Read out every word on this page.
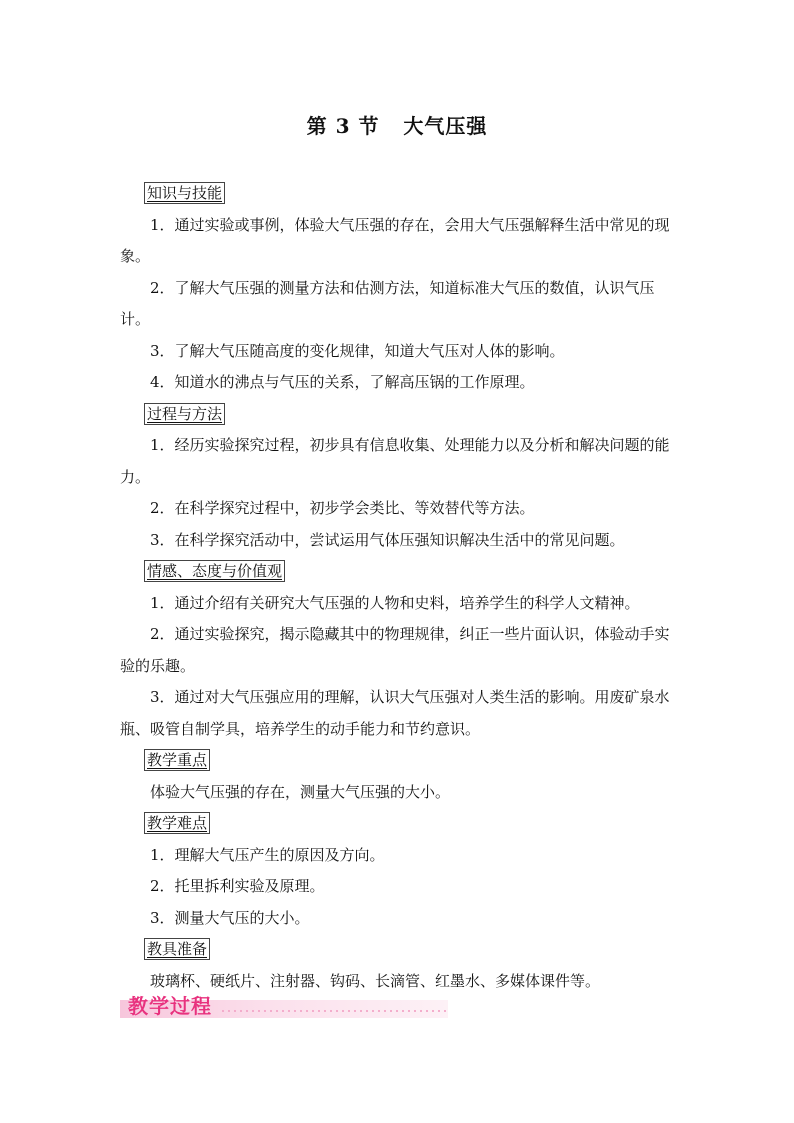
第 3 节   大气压强
知识与技能

1．通过实验或事例，体验大气压强的存在，会用大气压强解释生活中常见的现象。

2．了解大气压强的测量方法和估测方法，知道标准大气压的数值，认识气压计。

3．了解大气压随高度的变化规律，知道大气压对人体的影响。

4．知道水的沸点与气压的关系，了解高压锅的工作原理。

过程与方法

1．经历实验探究过程，初步具有信息收集、处理能力以及分析和解决问题的能力。

2．在科学探究过程中，初步学会类比、等效替代等方法。

3．在科学探究活动中，尝试运用气体压强知识解决生活中的常见问题。

情感、态度与价值观

1．通过介绍有关研究大气压强的人物和史料，培养学生的科学人文精神。

2．通过实验探究，揭示隐藏其中的物理规律，纠正一些片面认识，体验动手实验的乐趣。

3．通过对大气压强应用的理解，认识大气压强对人类生活的影响。用废矿泉水瓶、吸管自制学具，培养学生的动手能力和节约意识。

教学重点

体验大气压强的存在，测量大气压强的大小。

教学难点

1．理解大气压产生的原因及方向。

2．托里拆利实验及原理。

3．测量大气压的大小。

教具准备

玻璃杯、硬纸片、注射器、钩码、长滴管、红墨水、多媒体课件等。

教学过程
